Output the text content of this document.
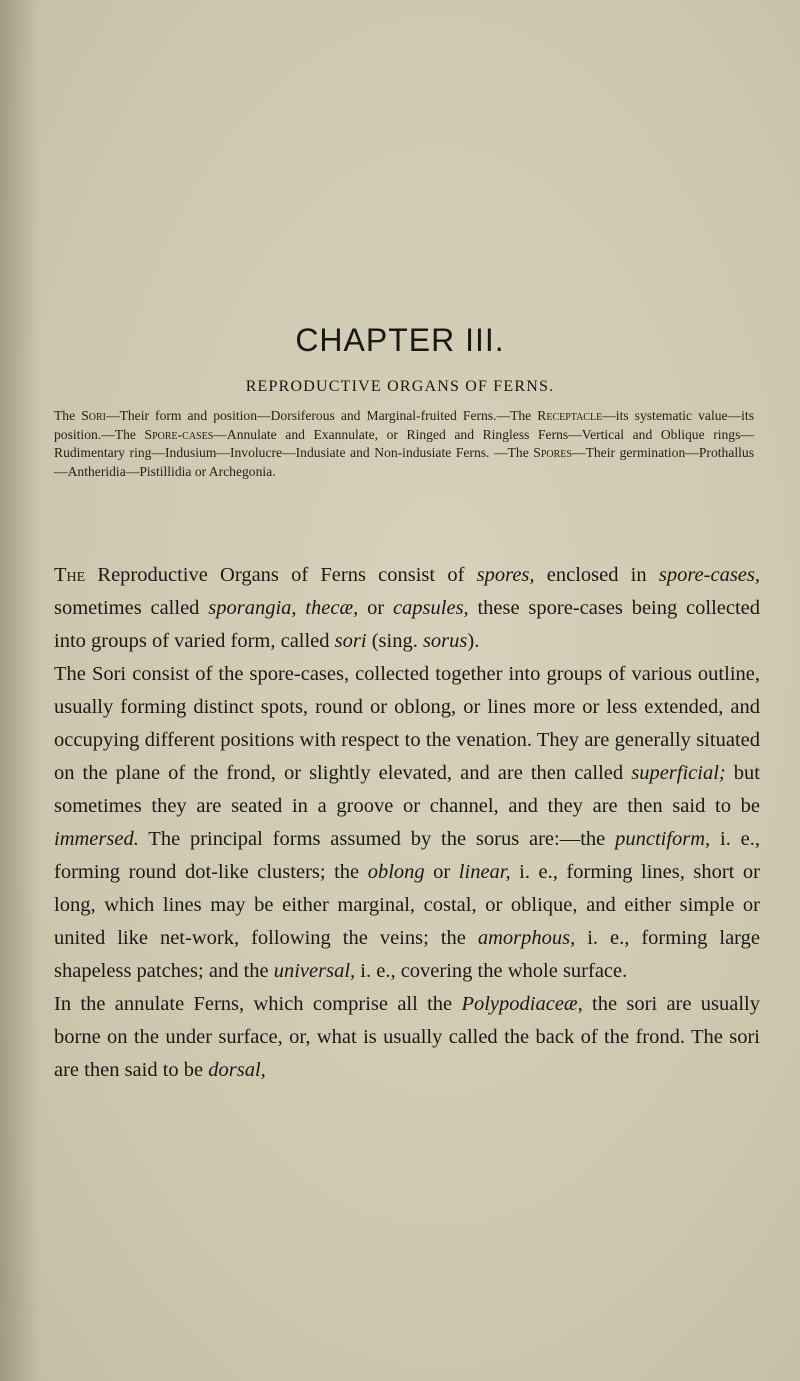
CHAPTER III.
REPRODUCTIVE ORGANS OF FERNS.
The Sori—Their form and position—Dorsiferous and Marginal-fruited Ferns.—The Receptacle—its systematic value—its position.—The Spore-cases—Annulate and Exannulate, or Ringed and Ringless Ferns—Vertical and Oblique rings—Rudimentary ring—Indusium—Involucre—Indusiate and Non-indusiate Ferns. —The Spores—Their germination—Prothallus—Antheridia—Pistillidia or Archegonia.

The Reproductive Organs of Ferns consist of spores, enclosed in spore-cases, sometimes called sporangia, thecæ, or capsules, these spore-cases being collected into groups of varied form, called sori (sing. sorus).

The Sori consist of the spore-cases, collected together into groups of various outline, usually forming distinct spots, round or oblong, or lines more or less extended, and occupying different positions with respect to the venation. They are generally situated on the plane of the frond, or slightly elevated, and are then called superficial; but sometimes they are seated in a groove or channel, and they are then said to be immersed. The principal forms assumed by the sorus are:—the punctiform, i. e., forming round dot-like clusters; the oblong or linear, i. e., forming lines, short or long, which lines may be either marginal, costal, or oblique, and either simple or united like net-work, following the veins; the amorphous, i. e., forming large shapeless patches; and the universal, i. e., covering the whole surface.

In the annulate Ferns, which comprise all the Polypodiaceæ, the sori are usually borne on the under surface, or, what is usually called the back of the frond. The sori are then said to be dorsal,
